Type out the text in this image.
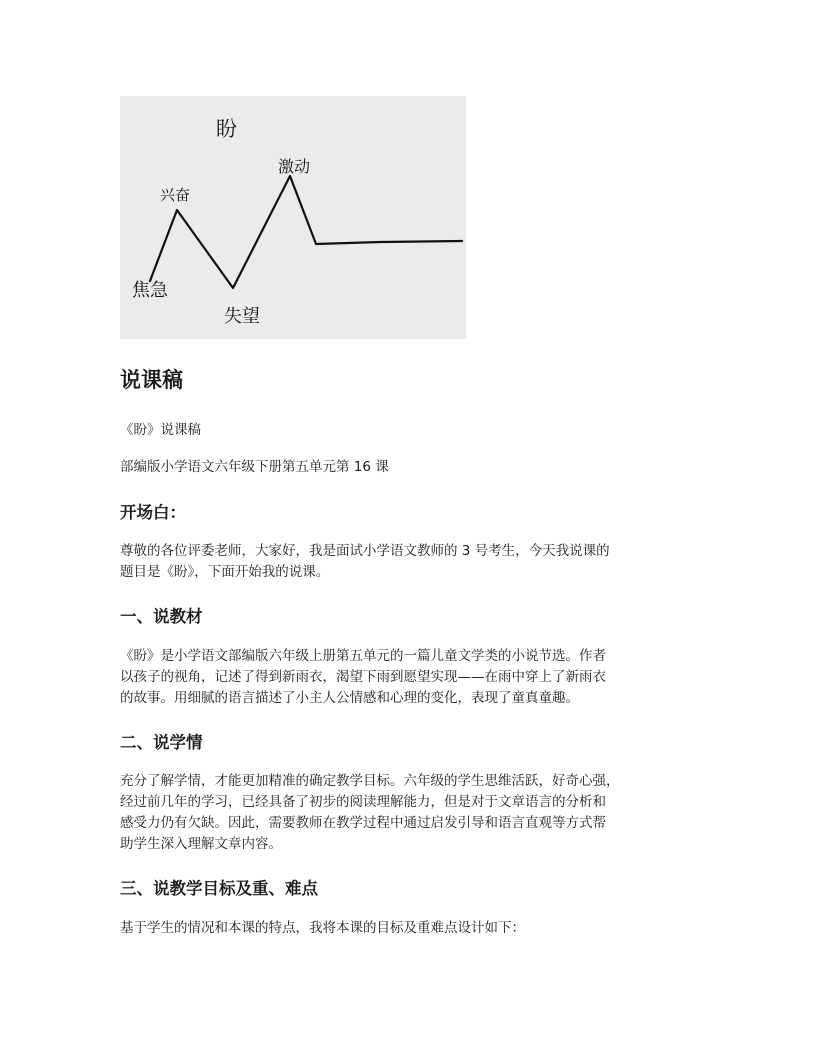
盼
兴奋
焦急
失望
激动
说课稿

《盼》说课稿

部编版小学语文六年级下册第五单元第 16 课

开场白：

尊敬的各位评委老师，大家好，我是面试小学语文教师的 3 号考生，今天我说课的

题目是《盼》，下面开始我的说课。

一、说教材

《盼》是小学语文部编版六年级上册第五单元的一篇儿童文学类的小说节选。作者

以孩子的视角，记述了得到新雨衣，渴望下雨到愿望实现——在雨中穿上了新雨衣

的故事。用细腻的语言描述了小主人公情感和心理的变化，表现了童真童趣。

二、说学情

充分了解学情，才能更加精准的确定教学目标。六年级的学生思维活跃，好奇心强，

经过前几年的学习，已经具备了初步的阅读理解能力，但是对于文章语言的分析和

感受力仍有欠缺。因此，需要教师在教学过程中通过启发引导和语言直观等方式帮

助学生深入理解文章内容。

三、说教学目标及重、难点

基于学生的情况和本课的特点，我将本课的目标及重难点设计如下：
